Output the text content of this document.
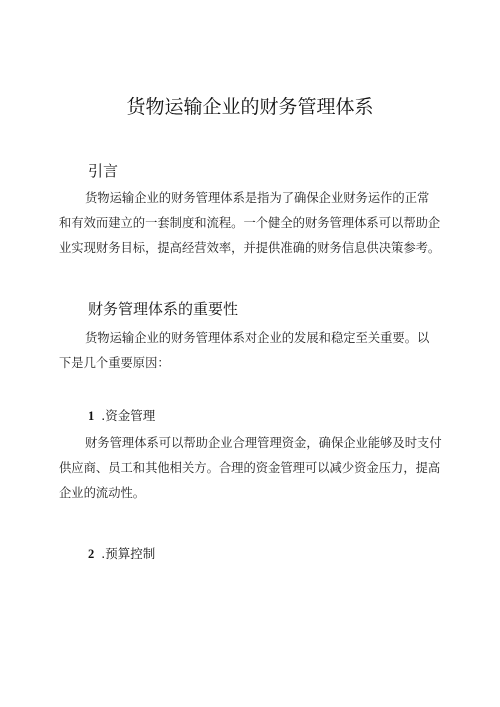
货物运输企业的财务管理体系
引言
货物运输企业的财务管理体系是指为了确保企业财务运作的正常
和有效而建立的一套制度和流程。一个健全的财务管理体系可以帮助企
业实现财务目标，提高经营效率，并提供准确的财务信息供决策参考。
财务管理体系的重要性
货物运输企业的财务管理体系对企业的发展和稳定至关重要。以
下是几个重要原因：
1 .资金管理
财务管理体系可以帮助企业合理管理资金，确保企业能够及时支付
供应商、员工和其他相关方。合理的资金管理可以减少资金压力，提高
企业的流动性。
2 .预算控制
